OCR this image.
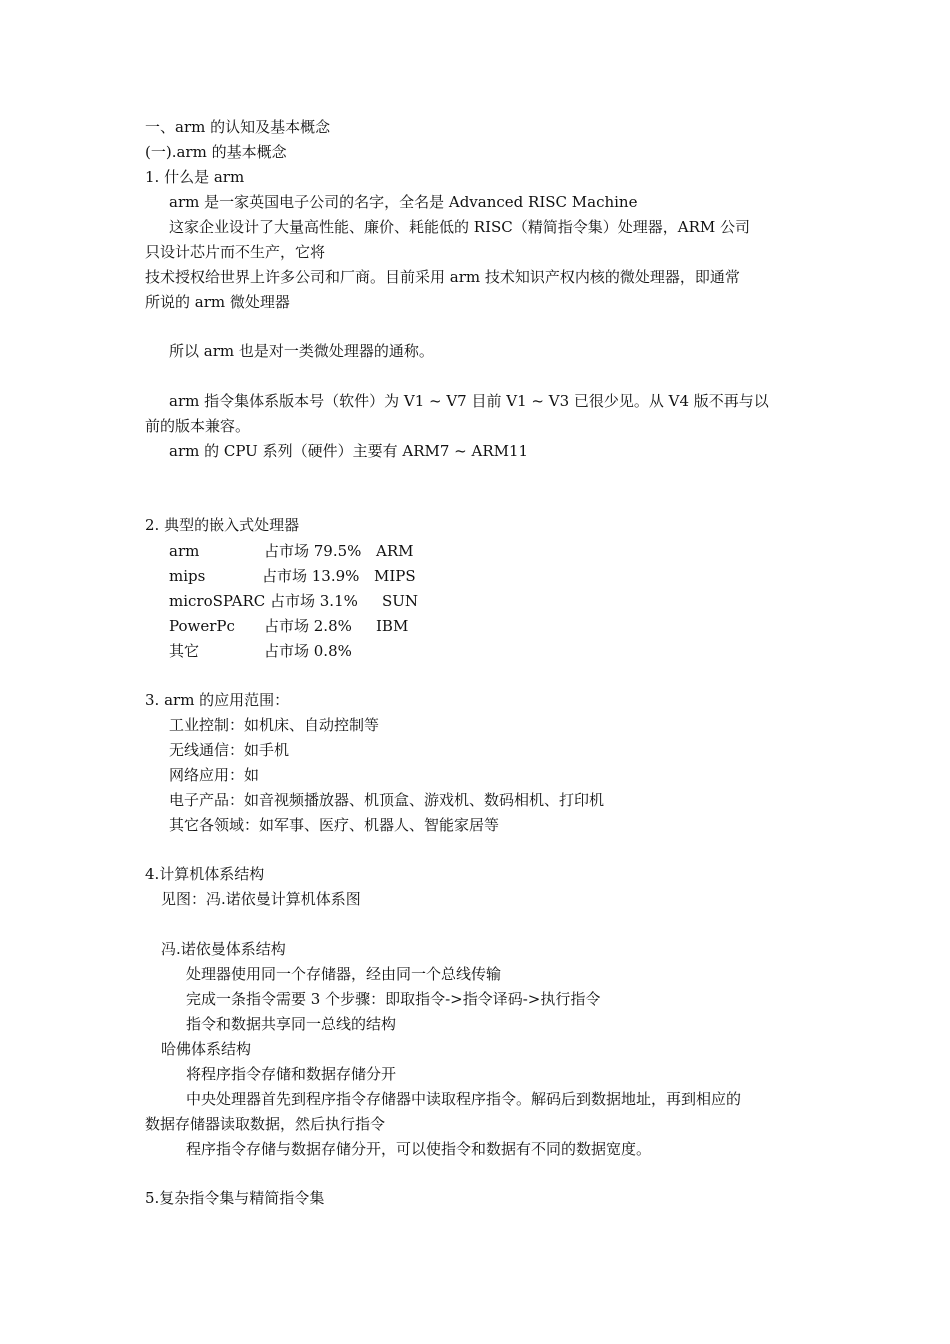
一、arm 的认知及基本概念
(一).arm 的基本概念
1. 什么是 arm
arm 是一家英国电子公司的名字，全名是 Advanced RISC Machine
这家企业设计了大量高性能、廉价、耗能低的 RISC（精简指令集）处理器，ARM 公司
只设计芯片而不生产，它将
技术授权给世界上许多公司和厂商。目前采用 arm 技术知识产权内核的微处理器，即通常
所说的 arm 微处理器
所以 arm 也是对一类微处理器的通称。
arm 指令集体系版本号（软件）为 V1 ~ V7 目前 V1 ~ V3 已很少见。从 V4 版不再与以
前的版本兼容。
arm 的 CPU 系列（硬件）主要有 ARM7 ~ ARM11
2. 典型的嵌入式处理器
arm	占市场 79.5% ARM
mips	占市场 13.9% MIPS
microSPARC 占市场 3.1% SUN
PowerPc 占市场 2.8% IBM
其它	占市场 0.8%
3. arm 的应用范围：
工业控制：如机床、自动控制等
无线通信：如手机
网络应用：如
电子产品：如音视频播放器、机顶盒、游戏机、数码相机、打印机
其它各领域：如军事、医疗、机器人、智能家居等
4.计算机体系结构
见图：冯.诺依曼计算机体系图
冯.诺依曼体系结构
处理器使用同一个存储器，经由同一个总线传输
完成一条指令需要 3 个步骤：即取指令->指令译码->执行指令
指令和数据共享同一总线的结构
哈佛体系结构
将程序指令存储和数据存储分开
中央处理器首先到程序指令存储器中读取程序指令。解码后到数据地址，再到相应的
数据存储器读取数据，然后执行指令
程序指令存储与数据存储分开，可以使指令和数据有不同的数据宽度。
5.复杂指令集与精简指令集
